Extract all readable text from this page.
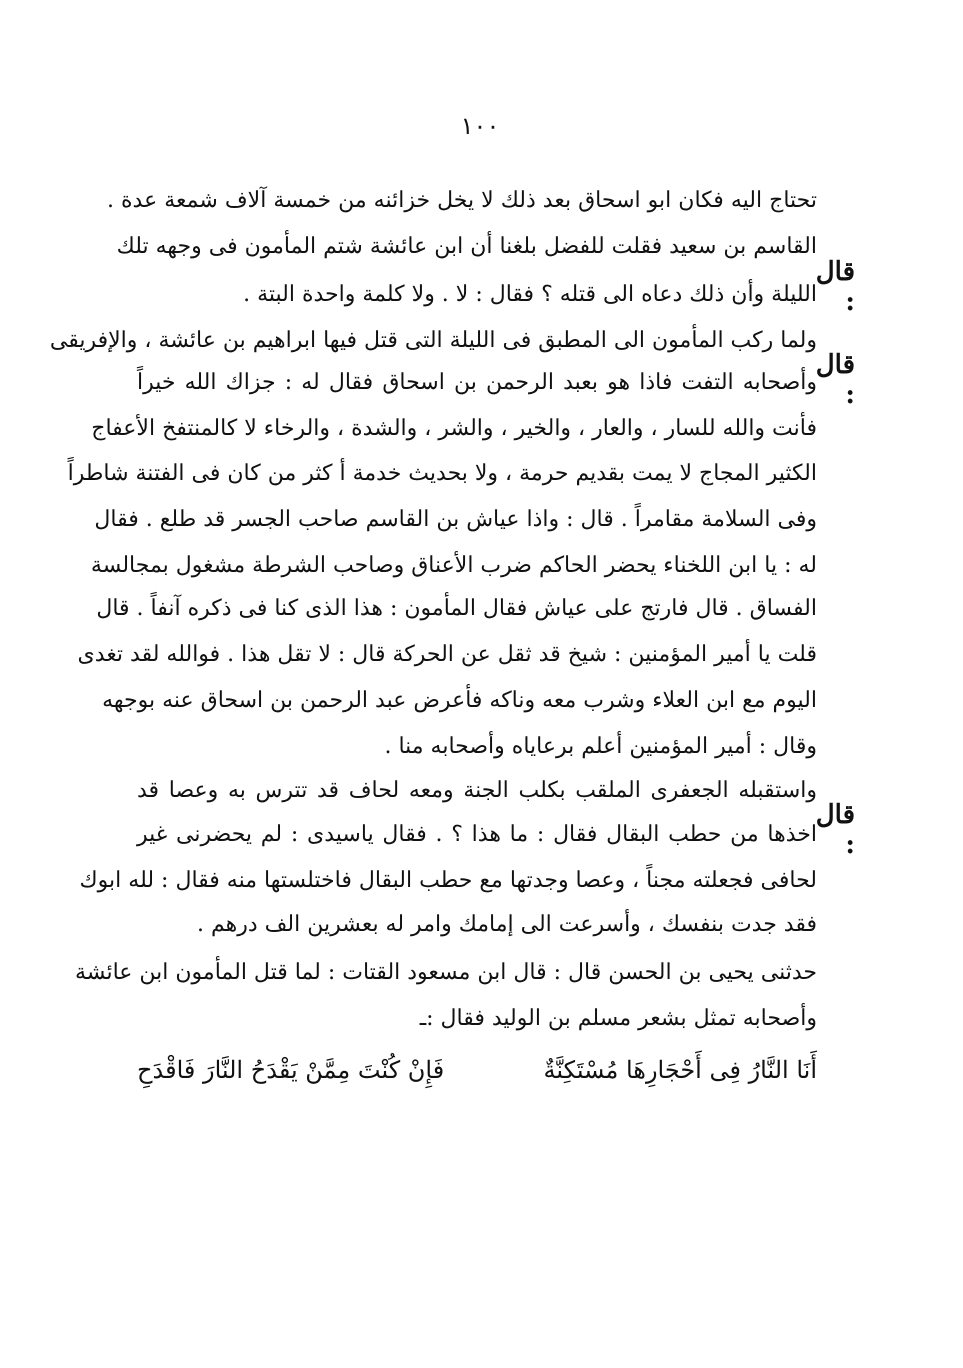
١٠٠
تحتاج اليه فكان ابو اسحاق بعد ذلك لا يخل خزائنه من خمسة آلاف شمعة عدة .
قال :
القاسم بن سعيد فقلت للفضل بلغنا أن ابن عائشة شتم المأمون فى وجهه تلك
الليلة وأن ذلك دعاه الى قتله ؟ فقال : لا . ولا كلمة واحدة البتة .
قال :
ولما ركب المأمون الى المطبق فى الليلة التى قتل فيها ابراهيم بن عائشة ، والإفريقى
وأصحابه التفت فاذا هو بعبد الرحمن بن اسحاق فقال له : جزاك الله خيراً
فأنت والله للسار ، والعار ، والخير ، والشر ، والشدة ، والرخاء لا كالمنتفخ الأعفاج
الكثير المجاج لا يمت بقديم حرمة ، ولا بحديث خدمة أ كثر من كان فى الفتنة شاطراً
وفى السلامة مقامراً . قال : واذا عياش بن القاسم صاحب الجسر قد طلع . فقال
له : يا ابن اللخناء يحضر الحاكم ضرب الأعناق وصاحب الشرطة مشغول بمجالسة
الفساق . قال فارتج على عياش فقال المأمون : هذا الذى كنا فى ذكره آنفاً . قال
قلت يا أمير المؤمنين : شيخ قد ثقل عن الحركة قال : لا تقل هذا . فوالله لقد تغدى
اليوم مع ابن العلاء وشرب معه وناكه فأعرض عبد الرحمن بن اسحاق عنه بوجهه
وقال : أمير المؤمنين أعلم برعاياه وأصحابه منا .
قال :
واستقبله الجعفرى الملقب بكلب الجنة ومعه لحاف قد تترس به وعصا قد
اخذها من حطب البقال فقال : ما هذا ؟ . فقال ياسيدى : لم يحضرنى غير
لحافى فجعلته مجناً ، وعصا وجدتها مع حطب البقال فاختلستها منه فقال : لله ابوك
فقد جدت بنفسك ، وأسرعت الى إمامك وامر له بعشرين الف درهم .
حدثنى يحيى بن الحسن قال : قال ابن مسعود القتات : لما قتل المأمون ابن عائشة
وأصحابه تمثل بشعر مسلم بن الوليد فقال :ـ
أَنَا النَّارُ فِى أَحْجَارِهَا مُسْتَكِنَّةٌ
فَإِنْ كُنْتَ مِمَّنْ يَقْدَحُ النَّارَ فَاقْدَحِ
